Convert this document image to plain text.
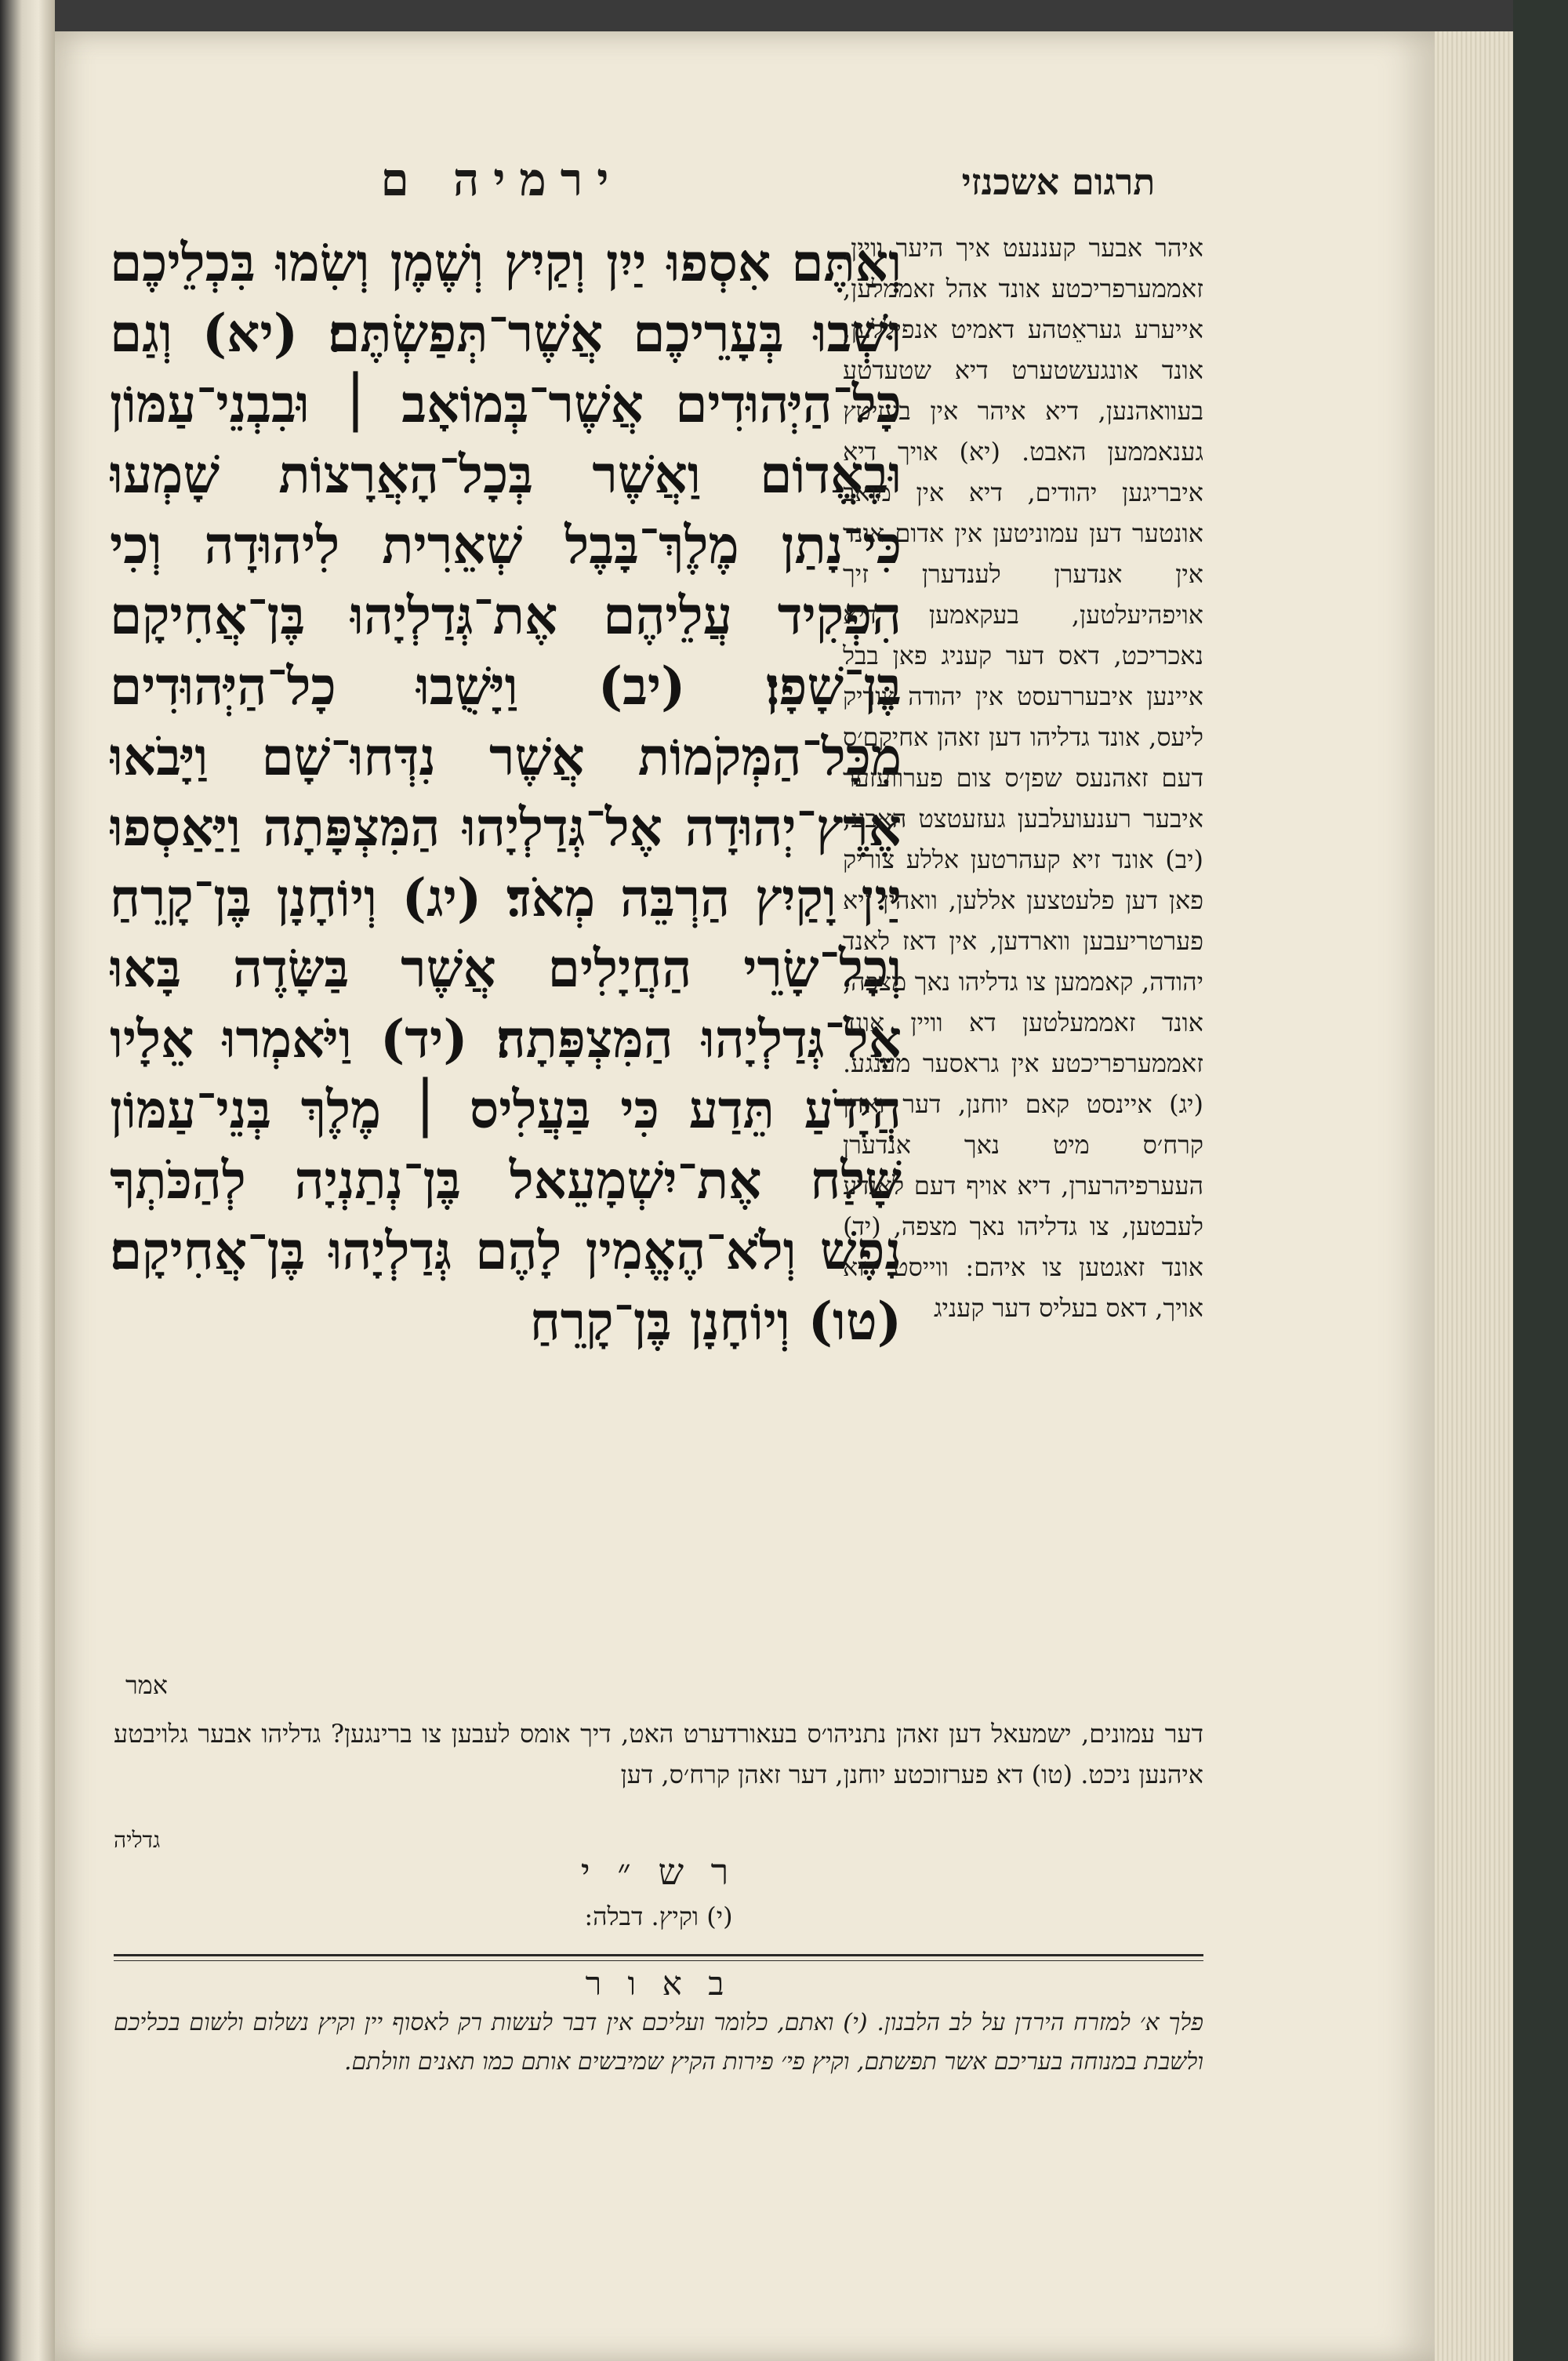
ירמיה ם	תרגום אשכנזי
וְאַתֶּם אִסְפוּ יַיִן וְקַיִץ וְשֶׁמֶן וְשִׂמוּ בִּכְלֵיכֶם וּשְׁבוּ בְּעָרֵיכֶם אֲשֶׁר־תְּפַשְׂתֶּם׃ (יא) וְגַם כָּל־הַיְּהוּדִים אֲשֶׁר־בְּמוֹאָב ׀ וּבִבְנֵי־עַמּוֹן וּבֶאֱדוֹם וַאֲשֶׁר בְּכָל־הָאֲרָצוֹת שָׁמְעוּ כִּי־נָתַן מֶלֶךְ־בָּבֶל שְׁאֵרִית לִיהוּדָה וְכִי הִפְקִיד עֲלֵיהֶם אֶת־גְּדַלְיָהוּ בֶּן־אֲחִיקָם בֶּן־שָׁפָן׃ (יב) וַיָּשֻׁבוּ כָל־הַיְּהוּדִים מִכָּל־הַמְּקֹמוֹת אֲשֶׁר נִדְּחוּ־שָׁם וַיָּבֹאוּ אֶרֶץ־יְהוּדָה אֶל־גְּדַלְיָהוּ הַמִּצְפָּתָה וַיַּאַסְפוּ יַיִן וָקַיִץ הַרְבֵּה מְאֹד׃ (יג) וְיוֹחָנָן בֶּן־קָרֵחַ וְכָל־שָׂרֵי הַחֲיָלִים אֲשֶׁר בַּשָּׂדֶה בָּאוּ אֶל־גְּדַלְיָהוּ הַמִּצְפָּתָה׃ (יד) וַיֹּאמְרוּ אֵלָיו הֲיָדֹעַ תֵּדַע כִּי בַּעֲלִיס ׀ מֶלֶךְ בְּנֵי־עַמּוֹן שָׁלַח אֶת־יִשְׁמָעֵאל בֶּן־נְתַנְיָה לְהַכֹּתְךָ נָפֶשׁ וְלֹא־הֶאֱמִין לָהֶם גְּדַלְיָהוּ בֶּן־אֲחִיקָם׃ (טו) וְיוֹחָנָן בֶּן־קָרֵחַ
אמר
איהר אבער קעננעט איך היער וויין, זאממערפריכטע אונד אהל זאממלען, אייערע געראֵטהע דאמיט אנפיללען, אונד אונגעשטערט דיא שטעדטע בעוואהנען, דיא איהר אין בעזיטץ גענאממען האבט. (יא) אויך דיא איבריגען יהודים, דיא אין מואב אונטער דען עמוניטען אין אדום אונד אין אנדערן לענדערן זיך אויפהיעלטען, בעקאמען דיא נאכריכט, דאס דער קעניג פאן בבל איינען איבעררעסט אין יהודה צוריק ליעס, אונד גדליהו דען זאהן אחיקם׳ס דעם זאהנעס שפן׳ס צום פערוועזער איבער רענעועלבען געזעטצט האבע, (יב) אונד זיא קעהרטען אללע צוריק פאן דען פלעטצען אללען, וואהין זיא פערטריעבען ווארדען, אין דאז לאנד יהודה, קאממען צו גדליהו נאך מצפה, אונד זאממעלטען דא וויין אונד זאממערפריכטע אין גראסער מענגע. (יג) איינסט קאם יוחנן, דער זאהן קרח׳ס מיט נאך אנדערן העערפיהרערן, דיא אויף דעם לאנדע לעבטען, צו גדליהו נאך מצפה, (יד) אונד זאגטען צו איהם: ווייסט דוא אויך, דאס בעליס דער קעניג
דער עמונים, ישמעאל דען זאהן נתניהו׳ס בעאורדערט האט, דיך אומס לעבען צו ברינגען? גדליהו אבער גלויבטע איהנען ניכט. (טו) דא פערזוכטע יוחנן, דער זאהן קרח׳ס, דען
גדליה
ר ש ״ י
(י) וקיץ. דבלה:
ב א ו ר
פלך א׳ למזרח הירדן על לב הלבנון. (י) ואתם, כלומר ועליכם אין דבר לעשות רק לאסוף יין וקיץ נשלום ולשום בכליכם ולשבת במנוחה בעריכם אשר תפשתם, וקיץ פי׳ פירות הקיץ שמיבשים אותם כמו תאנים וזולתם.
